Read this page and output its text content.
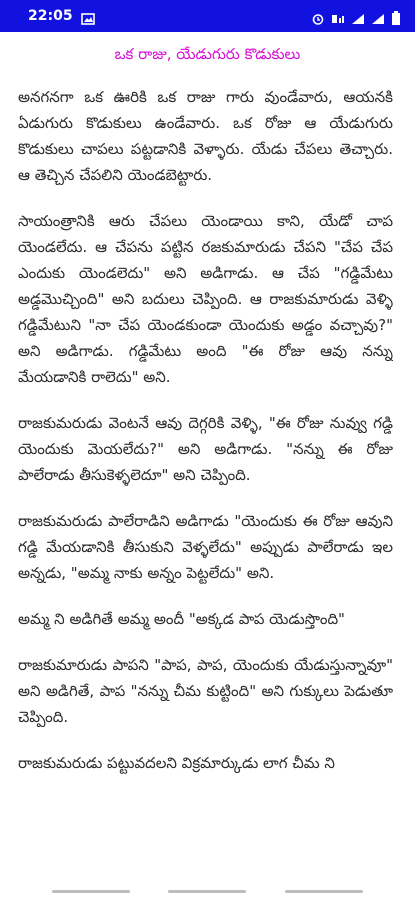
22:05
ఒక రాజు, యేడుగురు కొడుకులు

అనగనగా ఒక ఊరికి ఒక రాజు గారు వుండేవారు, ఆయనకి ఏడుగురు కొడుకులు ఉండేవారు. ఒక రోజు ఆ యేడుగురు కొడుకులు చాపలు పట్టడానికి వెళ్ళారు. యేడు చేపలు తెచ్చారు. ఆ తెచ్చిన చేపలిని యెండబెట్టారు.

సాయంత్రానికి ఆరు చేపలు యెండాయి కాని, యేడో చాప యెండలేదు. ఆ చేపను పట్టిన రజకుమారుడు చేపని "చేప చేప ఎందుకు యెండలెదు" అని అడిగాడు. ఆ చేప "గడ్డిమేటు అడ్డమొచ్చింది" అని బదులు చెప్పింది. ఆ రాజకుమారుడు వెళ్ళి గడ్డిమేటుని "నా చేప యెండకుండా యెందుకు అడ్డం వచ్చావు?" అని అడిగాడు. గడ్డిమేటు అంది "ఈ రోజు ఆవు నన్ను మేయడానికి రాలెదు" అని.

రాజకుమరుడు వెంటనే ఆవు దెగ్గరికి వెళ్ళి, "ఈ రోజు నువ్వు గడ్డి యెందుకు మెయలేదు?" అని అడిగాడు. "నన్ను ఈ రోజు పాలేరాడు తీసుకెళ్ళలెదూ" అని చెప్పింది.

రాజకుమరుడు పాలేరాడిని అడిగాడు "యెందుకు ఈ రోజు ఆవుని గడ్డి మేయడానికి తీసుకుని వెళ్ళలేదు" అప్పుడు పాలేరాడు ఇల అన్నడు, "అమ్మ నాకు అన్నం పెట్టలేదు" అని.

అమ్మ ని అడిగితే అమ్మ అందీ "అక్కడ పాప యెడుస్తొంది"

రాజకుమారుడు పాపని "పాప, పాప, యెందుకు యేడుస్తున్నావూ" అని అడిగితే, పాప "నన్ను చీమ కుట్టింది" అని గుక్కులు పెడుతూ చెప్పింది.

రాజకుమరుడు పట్టువదలని విక్రమార్కుడు లాగ చీమ ని
